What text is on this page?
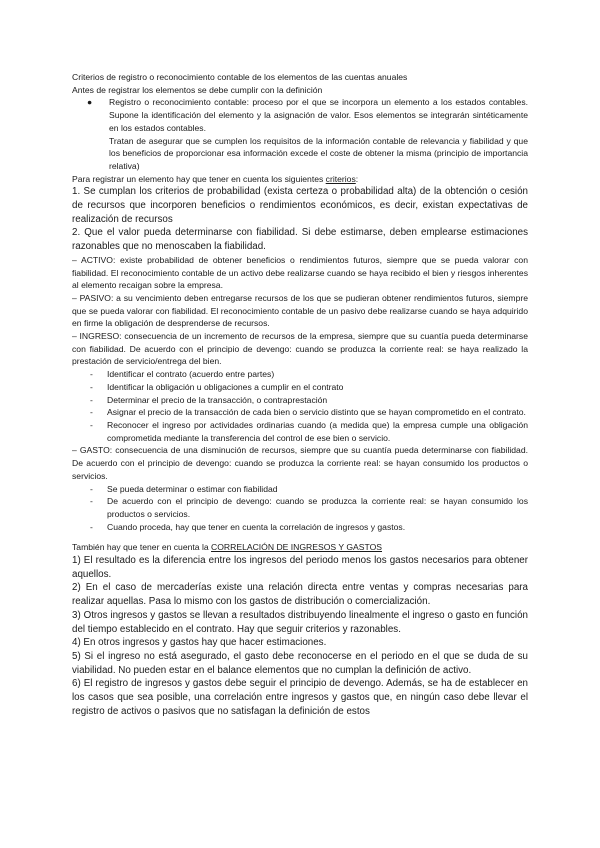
Criterios de registro o reconocimiento contable de los elementos de las cuentas anuales

Antes de registrar los elementos se debe cumplir con la definición

● Registro o reconocimiento contable: proceso por el que se incorpora un elemento a los estados contables. Supone la identificación del elemento y la asignación de valor. Esos elementos se integrarán sintéticamente en los estados contables.

Tratan de asegurar que se cumplen los requisitos de la información contable de relevancia y fiabilidad y que los beneficios de proporcionar esa información excede el coste de obtener la misma (principio de importancia relativa)

Para registrar un elemento hay que tener en cuenta los siguientes criterios:

1. Se cumplan los criterios de probabilidad (exista certeza o probabilidad alta) de la obtención o cesión de recursos que incorporen beneficios o rendimientos económicos, es decir, existan expectativas de realización de recursos

2. Que el valor pueda determinarse con fiabilidad. Si debe estimarse, deben emplearse estimaciones razonables que no menoscaben la fiabilidad.

– ACTIVO: existe probabilidad de obtener beneficios o rendimientos futuros, siempre que se pueda valorar con fiabilidad. El reconocimiento contable de un activo debe realizarse cuando se haya recibido el bien y riesgos inherentes al elemento recaigan sobre la empresa.

– PASIVO: a su vencimiento deben entregarse recursos de los que se pudieran obtener rendimientos futuros, siempre que se pueda valorar con fiabilidad. El reconocimiento contable de un pasivo debe realizarse cuando se haya adquirido en firme la obligación de desprenderse de recursos.

– INGRESO: consecuencia de un incremento de recursos de la empresa, siempre que su cuantía pueda determinarse con fiabilidad. De acuerdo con el principio de devengo: cuando se produzca la corriente real: se haya realizado la prestación de servicio/entrega del bien.

- Identificar el contrato (acuerdo entre partes)
- Identificar la obligación u obligaciones a cumplir en el contrato
- Determinar el precio de la transacción, o contraprestación
- Asignar el precio de la transacción de cada bien o servicio distinto que se hayan comprometido en el contrato.
- Reconocer el ingreso por actividades ordinarias cuando (a medida que) la empresa cumple una obligación comprometida mediante la transferencia del control de ese bien o servicio.

– GASTO: consecuencia de una disminución de recursos, siempre que su cuantía pueda determinarse con fiabilidad. De acuerdo con el principio de devengo: cuando se produzca la corriente real: se hayan consumido los productos o servicios.

- Se pueda determinar o estimar con fiabilidad
- De acuerdo con el principio de devengo: cuando se produzca la corriente real: se hayan consumido los productos o servicios.
- Cuando proceda, hay que tener en cuenta la correlación de ingresos y gastos.

También hay que tener en cuenta la CORRELACIÓN DE INGRESOS Y GASTOS

1) El resultado es la diferencia entre los ingresos del periodo menos los gastos necesarios para obtener aquellos.

2) En el caso de mercaderías existe una relación directa entre ventas y compras necesarias para realizar aquellas. Pasa lo mismo con los gastos de distribución o comercialización.

3) Otros ingresos y gastos se llevan a resultados distribuyendo linealmente el ingreso o gasto en función del tiempo establecido en el contrato. Hay que seguir criterios y razonables.

4) En otros ingresos y gastos hay que hacer estimaciones.

5) Si el ingreso no está asegurado, el gasto debe reconocerse en el periodo en el que se duda de su viabilidad. No pueden estar en el balance elementos que no cumplan la definición de activo.

6) El registro de ingresos y gastos debe seguir el principio de devengo. Además, se ha de establecer en los casos que sea posible, una correlación entre ingresos y gastos que, en ningún caso debe llevar el registro de activos o pasivos que no satisfagan la definición de estos
